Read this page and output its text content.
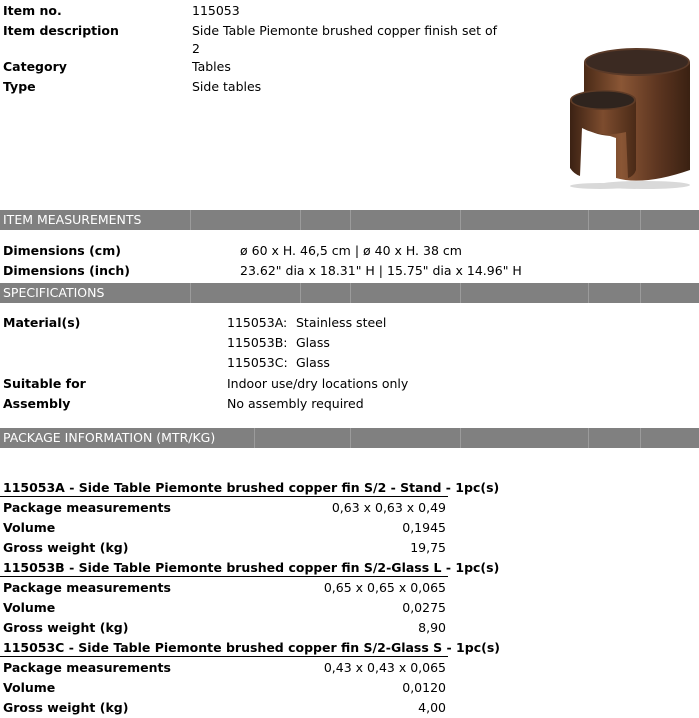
Item no.	115053
Item description	Side Table Piemonte brushed copper finish set of
2
Category	Tables
Type	Side tables
ITEM MEASUREMENTS
Dimensions (cm)	ø 60 x H. 46,5 cm | ø 40 x H. 38 cm
Dimensions (inch)	23.62" dia x 18.31" H | 15.75" dia x 14.96" H
SPECIFICATIONS
Material(s)	115053A: Stainless steel
115053B: Glass
115053C: Glass
Suitable for	Indoor use/dry locations only
Assembly	No assembly required
PACKAGE INFORMATION (MTR/KG)
115053A - Side Table Piemonte brushed copper fin S/2 - Stand - 1pc(s)
Package measurements	0,63 x 0,63 x 0,49
Volume	0,1945
Gross weight (kg)	19,75
115053B - Side Table Piemonte brushed copper fin S/2-Glass L - 1pc(s)
Package measurements	0,65 x 0,65 x 0,065
Volume	0,0275
Gross weight (kg)	8,90
115053C - Side Table Piemonte brushed copper fin S/2-Glass S - 1pc(s)
Package measurements	0,43 x 0,43 x 0,065
Volume	0,0120
Gross weight (kg)	4,00
